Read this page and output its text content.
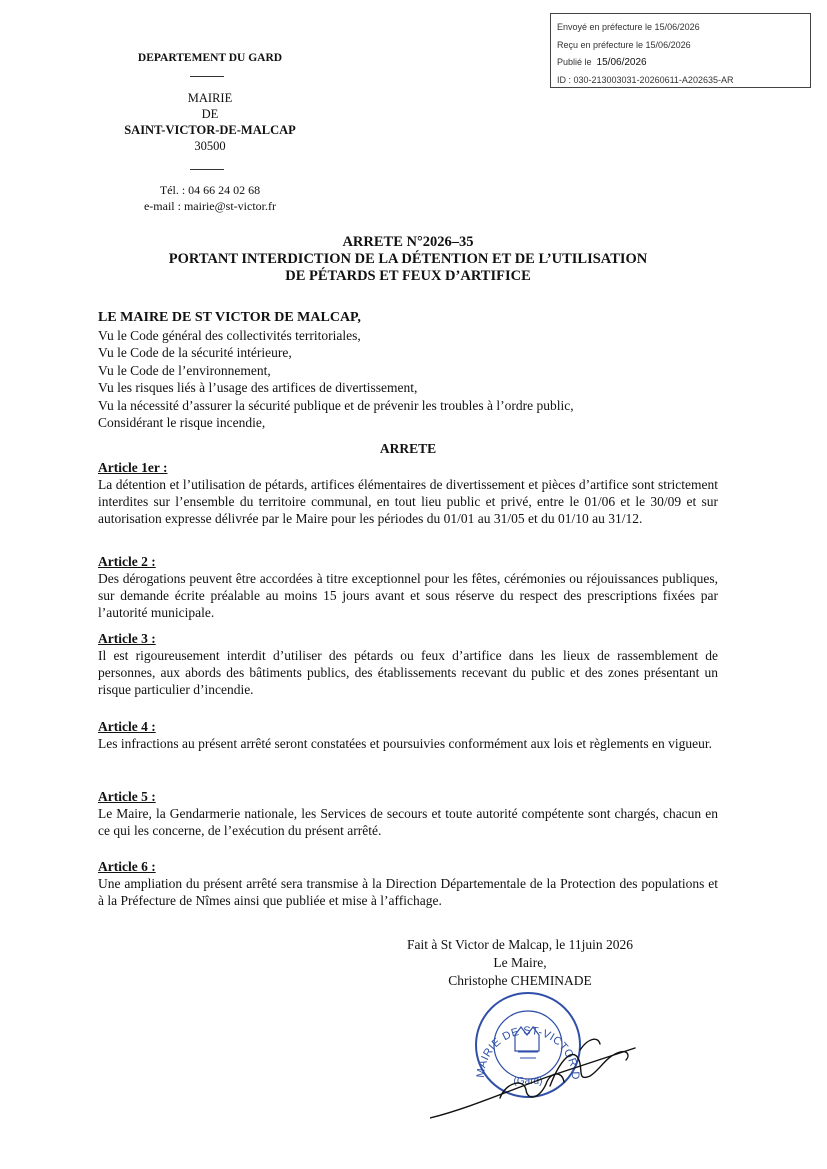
Envoyé en préfecture le 15/06/2026
Reçu en préfecture le 15/06/2026
Publié le 15/06/2026
ID : 030-213003031-20260611-A202635-AR
DEPARTEMENT DU GARD
MAIRIE
DE
SAINT-VICTOR-DE-MALCAP
30500
Tél. : 04 66 24 02 68
e-mail : mairie@st-victor.fr
ARRETE N°2026–35
PORTANT INTERDICTION DE LA DÉTENTION ET DE L’UTILISATION
DE PÉTARDS ET FEUX D’ARTIFICE
LE MAIRE DE ST VICTOR DE MALCAP,
Vu le Code général des collectivités territoriales,
Vu le Code de la sécurité intérieure,
Vu le Code de l’environnement,
Vu les risques liés à l’usage des artifices de divertissement,
Vu la nécessité d’assurer la sécurité publique et de prévenir les troubles à l’ordre public,
Considérant le risque incendie,
ARRETE
Article 1er :
La détention et l’utilisation de pétards, artifices élémentaires de divertissement et pièces d’artifice sont strictement interdites sur l’ensemble du territoire communal, en tout lieu public et privé, entre le 01/06 et le 30/09 et sur autorisation expresse délivrée par le Maire pour les périodes du 01/01 au 31/05 et du 01/10 au 31/12.
Article 2 :
Des dérogations peuvent être accordées à titre exceptionnel pour les fêtes, cérémonies ou réjouissances publiques, sur demande écrite préalable au moins 15 jours avant et sous réserve du respect des prescriptions fixées par l’autorité municipale.
Article 3 :
Il est rigoureusement interdit d’utiliser des pétards ou feux d’artifice dans les lieux de rassemblement de personnes, aux abords des bâtiments publics, des établissements recevant du public et des zones présentant un risque particulier d’incendie.
Article 4 :
Les infractions au présent arrêté seront constatées et poursuivies conformément aux lois et règlements en vigueur.
Article 5 :
Le Maire, la Gendarmerie nationale, les Services de secours et toute autorité compétente sont chargés, chacun en ce qui les concerne, de l’exécution du présent arrêté.
Article 6 :
Une ampliation du présent arrêté sera transmise à la Direction Départementale de la Protection des populations et à la Préfecture de Nîmes ainsi que publiée et mise à l’affichage.
Fait à St Victor de Malcap, le 11juin 2026
Le Maire,
Christophe CHEMINADE
MAIRIE DE ST-VICTOR-D
(Gard)
